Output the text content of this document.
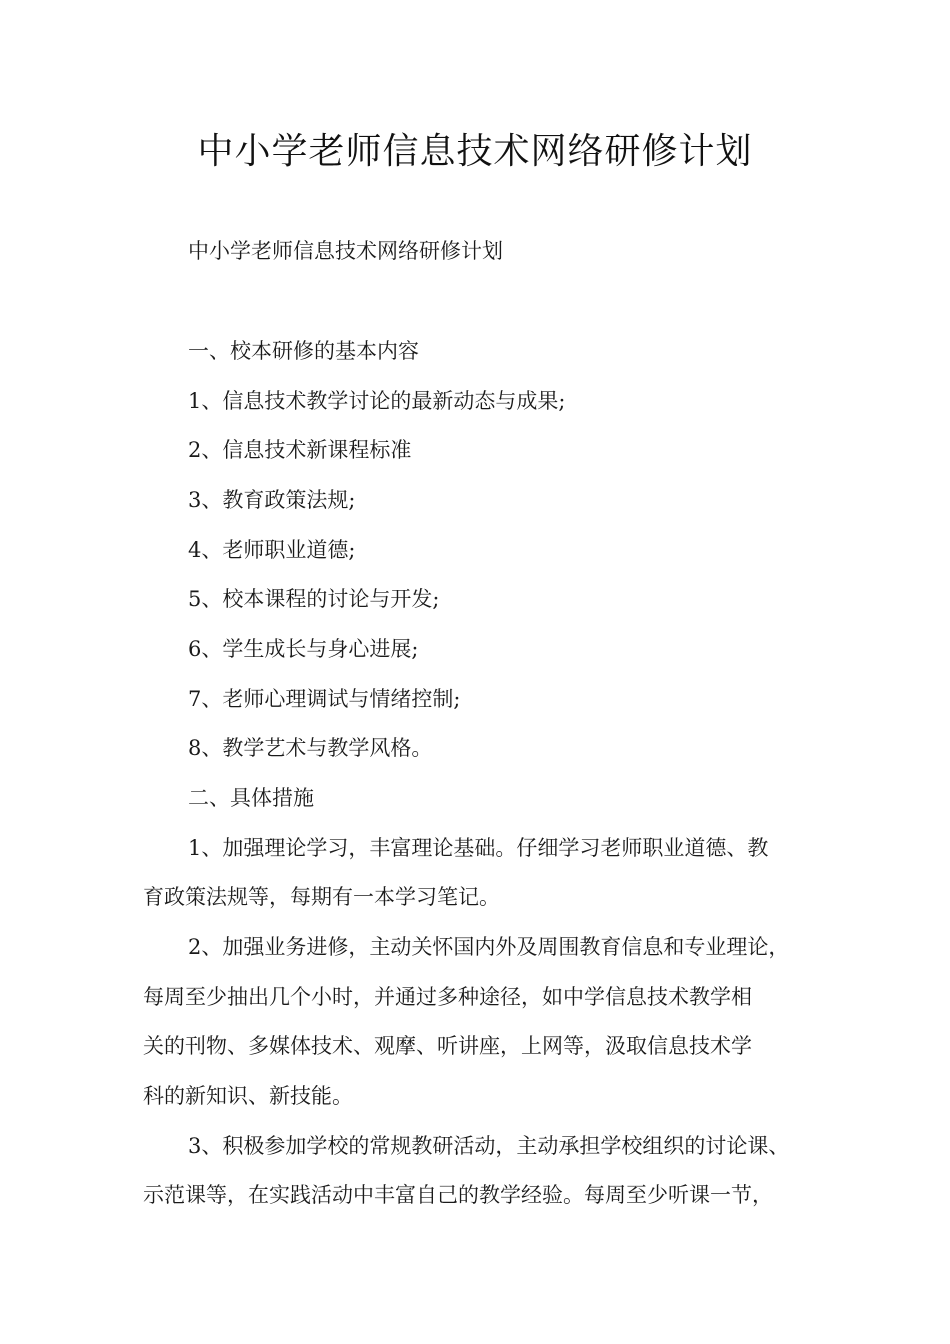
中小学老师信息技术网络研修计划

中小学老师信息技术网络研修计划

一、校本研修的基本内容

1、信息技术教学讨论的最新动态与成果;

2、信息技术新课程标准

3、教育政策法规;

4、老师职业道德;

5、校本课程的讨论与开发;

6、学生成长与身心进展;

7、老师心理调试与情绪控制;

8、教学艺术与教学风格。

二、具体措施

1、加强理论学习，丰富理论基础。仔细学习老师职业道德、教

育政策法规等，每期有一本学习笔记。

2、加强业务进修，主动关怀国内外及周围教育信息和专业理论，

每周至少抽出几个小时，并通过多种途径，如中学信息技术教学相

关的刊物、多媒体技术、观摩、听讲座，上网等，汲取信息技术学

科的新知识、新技能。

3、积极参加学校的常规教研活动，主动承担学校组织的讨论课、

示范课等，在实践活动中丰富自己的教学经验。每周至少听课一节，
